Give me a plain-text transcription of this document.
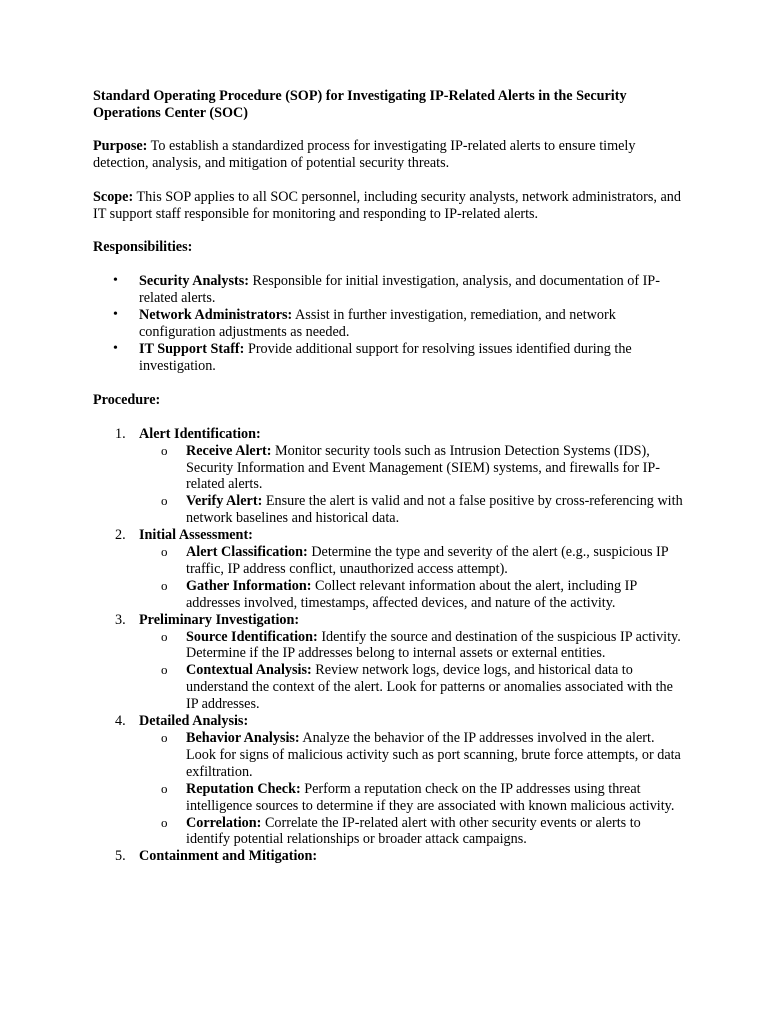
Standard Operating Procedure (SOP) for Investigating IP-Related Alerts in the Security Operations Center (SOC)

Purpose: To establish a standardized process for investigating IP-related alerts to ensure timely detection, analysis, and mitigation of potential security threats.

Scope: This SOP applies to all SOC personnel, including security analysts, network administrators, and IT support staff responsible for monitoring and responding to IP-related alerts.

Responsibilities:
• Security Analysts: Responsible for initial investigation, analysis, and documentation of IP-related alerts.
• Network Administrators: Assist in further investigation, remediation, and network configuration adjustments as needed.
• IT Support Staff: Provide additional support for resolving issues identified during the investigation.
Procedure:
1. Alert Identification:
o Receive Alert: Monitor security tools such as Intrusion Detection Systems (IDS), Security Information and Event Management (SIEM) systems, and firewalls for IP-related alerts.
o Verify Alert: Ensure the alert is valid and not a false positive by cross-referencing with network baselines and historical data.
2. Initial Assessment:
o Alert Classification: Determine the type and severity of the alert (e.g., suspicious IP traffic, IP address conflict, unauthorized access attempt).
o Gather Information: Collect relevant information about the alert, including IP addresses involved, timestamps, affected devices, and nature of the activity.
3. Preliminary Investigation:
o Source Identification: Identify the source and destination of the suspicious IP activity. Determine if the IP addresses belong to internal assets or external entities.
o Contextual Analysis: Review network logs, device logs, and historical data to understand the context of the alert. Look for patterns or anomalies associated with the IP addresses.
4. Detailed Analysis:
o Behavior Analysis: Analyze the behavior of the IP addresses involved in the alert. Look for signs of malicious activity such as port scanning, brute force attempts, or data exfiltration.
o Reputation Check: Perform a reputation check on the IP addresses using threat intelligence sources to determine if they are associated with known malicious activity.
o Correlation: Correlate the IP-related alert with other security events or alerts to identify potential relationships or broader attack campaigns.
5. Containment and Mitigation:
